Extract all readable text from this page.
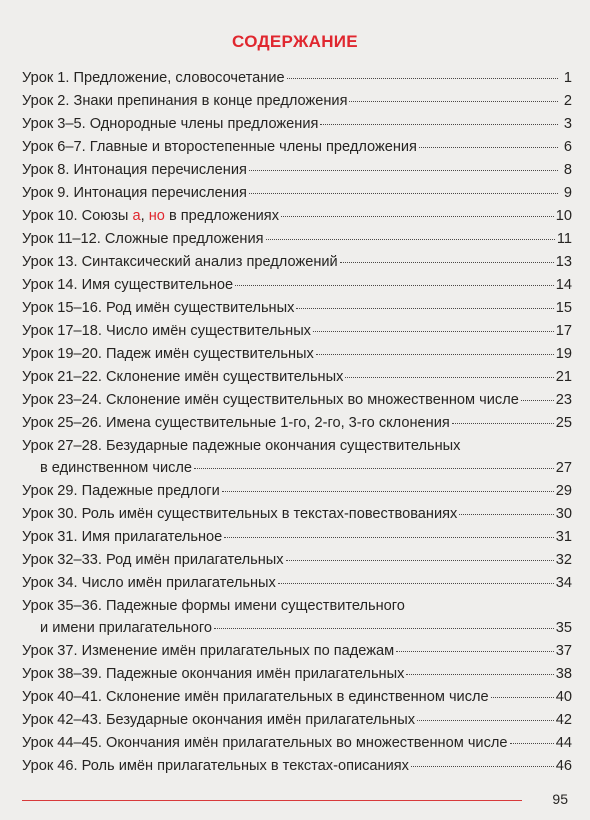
СОДЕРЖАНИЕ
Урок 1. Предложение, словосочетание	1
Урок 2. Знаки препинания в конце предложения	2
Урок 3–5. Однородные члены предложения	3
Урок 6–7. Главные и второстепенные члены предложения	6
Урок 8. Интонация перечисления	8
Урок 9. Интонация перечисления	9
Урок 10. Союзы а, но в предложениях	10
Урок 11–12. Сложные предложения	11
Урок 13. Синтаксический анализ предложений	13
Урок 14. Имя существительное	14
Урок 15–16. Род имён существительных	15
Урок 17–18. Число имён существительных	17
Урок 19–20. Падеж имён существительных	19
Урок 21–22. Склонение имён существительных	21
Урок 23–24. Склонение имён существительных во множественном числе	23
Урок 25–26. Имена существительные 1-го, 2-го, 3-го склонения	25
Урок 27–28. Безударные падежные окончания существительных
в единственном числе	27
Урок 29. Падежные предлоги	29
Урок 30. Роль имён существительных в текстах-повествованиях	30
Урок 31. Имя прилагательное	31
Урок 32–33. Род имён прилагательных	32
Урок 34. Число имён прилагательных	34
Урок 35–36. Падежные формы имени существительного
и имени прилагательного	35
Урок 37. Изменение имён прилагательных по падежам	37
Урок 38–39. Падежные окончания имён прилагательных	38
Урок 40–41. Склонение имён прилагательных в единственном числе	40
Урок 42–43. Безударные окончания имён прилагательных	42
Урок 44–45. Окончания имён прилагательных во множественном числе	44
Урок 46. Роль имён прилагательных в текстах-описаниях	46
95
